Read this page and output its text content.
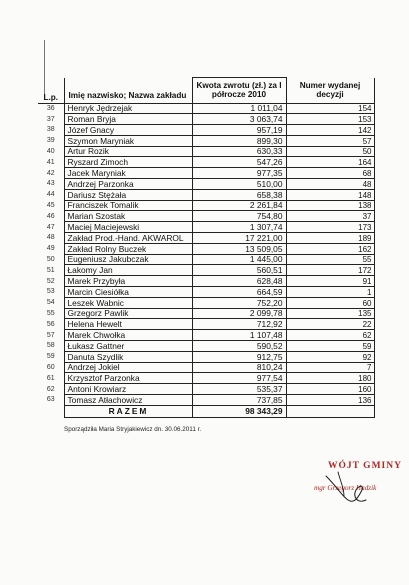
L.p.	Imię nazwisko; Nazwa zakładu	Kwota zwrotu (zł.) za I półrocze 2010	Numer wydanej decyzji
36	Henryk Jędrzejak	1 011,04	154
37	Roman Bryja	3 063,74	153
38	Józef Gnacy	957,19	142
39	Szymon Maryniak	899,30	57
40	Artur Rozik	630,33	50
41	Ryszard Zimoch	547,26	164
42	Jacek Maryniak	977,35	68
43	Andrzej Parzonka	510,00	48
44	Dariusz Stężała	658,38	148
45	Franciszek Tomalik	2 261,84	138
46	Marian Szostak	754,80	37
47	Maciej Maciejewski	1 307,74	173
48	Zakład Prod.-Hand. AKWAROL	17 221,00	189
49	Zakład Rolny Buczek	13 509,05	162
50	Eugeniusz Jakubczak	1 445,00	55
51	Łakomy Jan	560,51	172
52	Marek Przybyła	628,48	91
53	Marcin Ciesiółka	664,59	1
54	Leszek Wabnic	752,20	60
55	Grzegorz Pawlik	2 099,78	135
56	Helena Hewelt	712,92	22
57	Marek Chwołka	1 107,48	62
58	Łukasz Gattner	590,52	59
59	Danuta Szydlik	912,75	92
60	Andrzej Jokiel	810,24	7
61	Krzysztof Parzonka	977,54	180
62	Antoni Krowiarz	535,37	160
63	Tomasz Atłachowicz	737,85	136
	RAZEM	98 343,29	
Sporządziła Maria Stryjakiewicz dn. 30.06.2011 r.
WÓJT GMINY
mgr Grzegorz Hadzik
